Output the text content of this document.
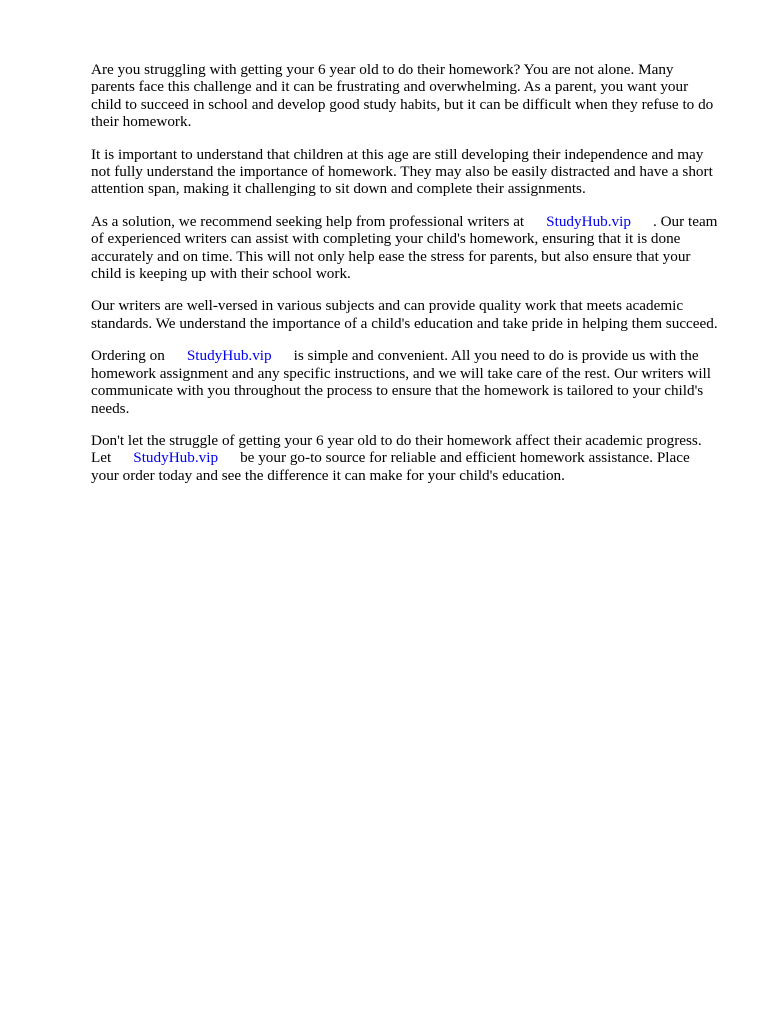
Are you struggling with getting your 6 year old to do their homework? You are not alone. Many parents face this challenge and it can be frustrating and overwhelming. As a parent, you want your child to succeed in school and develop good study habits, but it can be difficult when they refuse to do their homework.

It is important to understand that children at this age are still developing their independence and may not fully understand the importance of homework. They may also be easily distracted and have a short attention span, making it challenging to sit down and complete their assignments.

As a solution, we recommend seeking help from professional writers at StudyHub.vip . Our team of experienced writers can assist with completing your child's homework, ensuring that it is done accurately and on time. This will not only help ease the stress for parents, but also ensure that your child is keeping up with their school work.

Our writers are well-versed in various subjects and can provide quality work that meets academic standards. We understand the importance of a child's education and take pride in helping them succeed.

Ordering on StudyHub.vip is simple and convenient. All you need to do is provide us with the homework assignment and any specific instructions, and we will take care of the rest. Our writers will communicate with you throughout the process to ensure that the homework is tailored to your child's needs.

Don't let the struggle of getting your 6 year old to do their homework affect their academic progress. Let StudyHub.vip be your go-to source for reliable and efficient homework assistance. Place your order today and see the difference it can make for your child's education.
